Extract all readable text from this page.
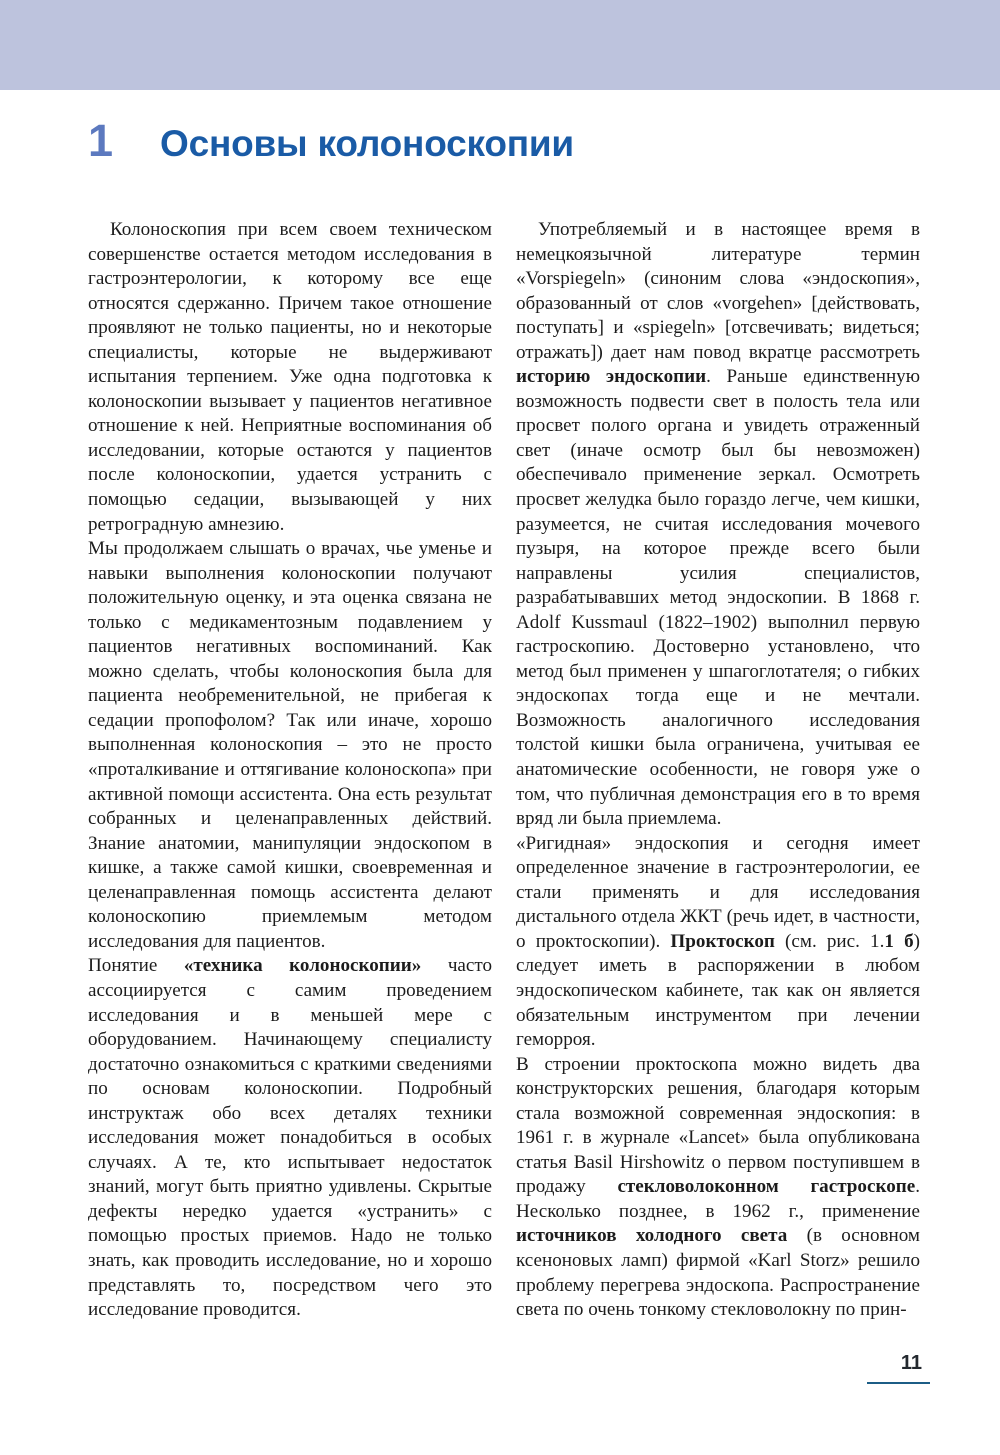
1	Основы колоноскопии

Колоноскопия при всем своем техническом совершенстве остается методом исследования в гастроэнтерологии, к которому все еще относятся сдержанно. Причем такое отношение проявляют не только пациенты, но и некоторые специалисты, которые не выдерживают испытания терпением. Уже одна подготовка к колоноскопии вызывает у пациентов негативное отношение к ней. Неприятные воспоминания об исследовании, которые остаются у пациентов после колоноскопии, удается устранить с помощью седации, вызывающей у них ретроградную амнезию.

Мы продолжаем слышать о врачах, чье уменье и навыки выполнения колоноскопии получают положительную оценку, и эта оценка связана не только с медикаментозным подавлением у пациентов негативных воспоминаний. Как можно сделать, чтобы колоноскопия была для пациента необременительной, не прибегая к седации пропофолом? Так или иначе, хорошо выполненная колоноскопия – это не просто «проталкивание и оттягивание колоноскопа» при активной помощи ассистента. Она есть результат собранных и целенаправленных действий. Знание анатомии, манипуляции эндоскопом в кишке, а также самой кишки, своевременная и целенаправленная помощь ассистента делают колоноскопию приемлемым методом исследования для пациентов.

Понятие «техника колоноскопии» часто ассоциируется с самим проведением исследования и в меньшей мере с оборудованием. Начинающему специалисту достаточно ознакомиться с краткими сведениями по основам колоноскопии. Подробный инструктаж обо всех деталях техники исследования может понадобиться в особых случаях. А те, кто испытывает недостаток знаний, могут быть приятно удивлены. Скрытые дефекты нередко удается «устранить» с помощью простых приемов. Надо не только знать, как проводить исследование, но и хорошо представлять то, посредством чего это исследование проводится.

Употребляемый и в настоящее время в немецкоязычной литературе термин «Vorspiegeln» (синоним слова «эндоскопия», образованный от слов «vorgehen» [действовать, поступать] и «spiegeln» [отсвечивать; видеться; отражать]) дает нам повод вкратце рассмотреть историю эндоскопии. Раньше единственную возможность подвести свет в полость тела или просвет полого органа и увидеть отраженный свет (иначе осмотр был бы невозможен) обеспечивало применение зеркал. Осмотреть просвет желудка было гораздо легче, чем кишки, разумеется, не считая исследования мочевого пузыря, на которое прежде всего были направлены усилия специалистов, разрабатывавших метод эндоскопии. В 1868 г. Adolf Kussmaul (1822–1902) выполнил первую гастроскопию. Достоверно установлено, что метод был применен у шпагоглотателя; о гибких эндоскопах тогда еще и не мечтали. Возможность аналогичного исследования толстой кишки была ограничена, учитывая ее анатомические особенности, не говоря уже о том, что публичная демонстрация его в то время вряд ли была приемлема.

«Ригидная» эндоскопия и сегодня имеет определенное значение в гастроэнтерологии, ее стали применять и для исследования дистального отдела ЖКТ (речь идет, в частности, о проктоскопии). Проктоскоп (см. рис. 1.1 б) следует иметь в распоряжении в любом эндоскопическом кабинете, так как он является обязательным инструментом при лечении геморроя.

В строении проктоскопа можно видеть два конструкторских решения, благодаря которым стала возможной современная эндоскопия: в 1961 г. в журнале «Lancet» была опубликована статья Basil Hirshowitz о первом поступившем в продажу стекловолоконном гастроскопе. Несколько позднее, в 1962 г., применение источников холодного света (в основном ксеноновых ламп) фирмой «Karl Storz» решило проблему перегрева эндоскопа. Распространение света по очень тонкому стекловолокну по прин-

11
